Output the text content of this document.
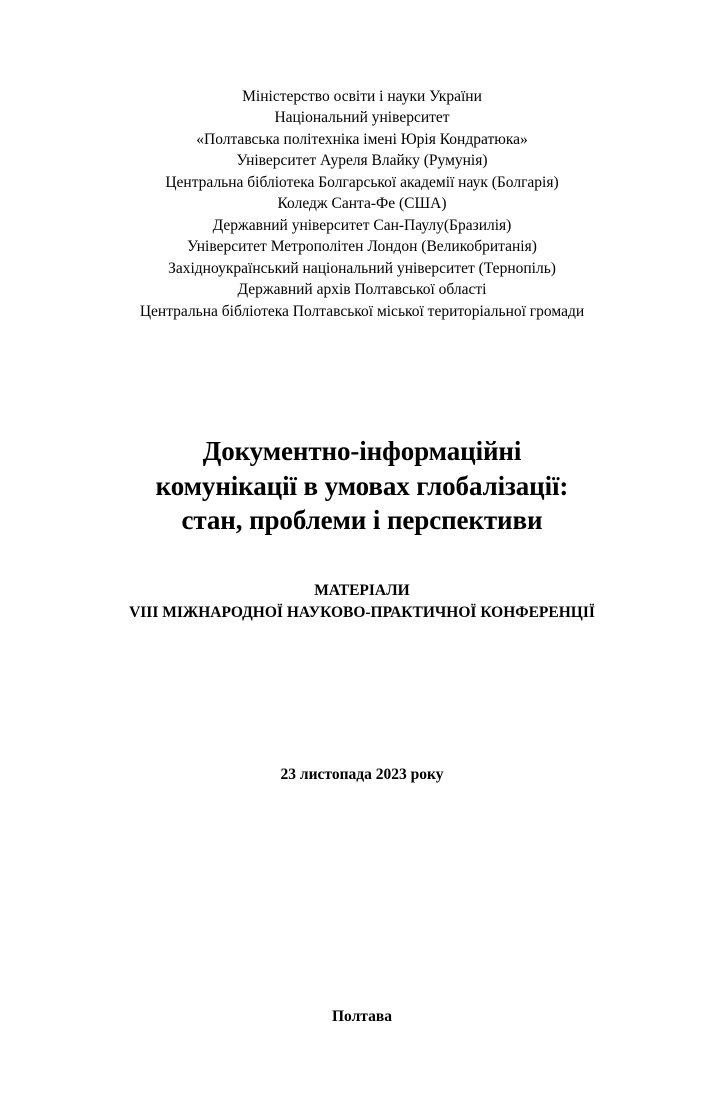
Міністерство освіти і науки України
Національний університет
«Полтавська політехніка імені Юрія Кондратюка»
Університет Аурeля Влайку (Румунія)
Центральна бібліотека Болгарської академії наук (Болгарія)
Коледж Санта-Фе (США)
Державний університет Сан-Паулу(Бразилія)
Університет Метрополітен Лондон (Великобританія)
Західноукраїнський національний університет (Тернопіль)
Державний архів Полтавської області
Центральна бібліотека Полтавської міської територіальної громади
Документно-інформаційні
комунікації в умовах глобалізації:
стан, проблеми і перспективи
МАТЕРІАЛИ
VIII МІЖНАРОДНОЇ НАУКОВО-ПРАКТИЧНОЇ КОНФЕРЕНЦІЇ
23 листопада 2023 року
Полтава
